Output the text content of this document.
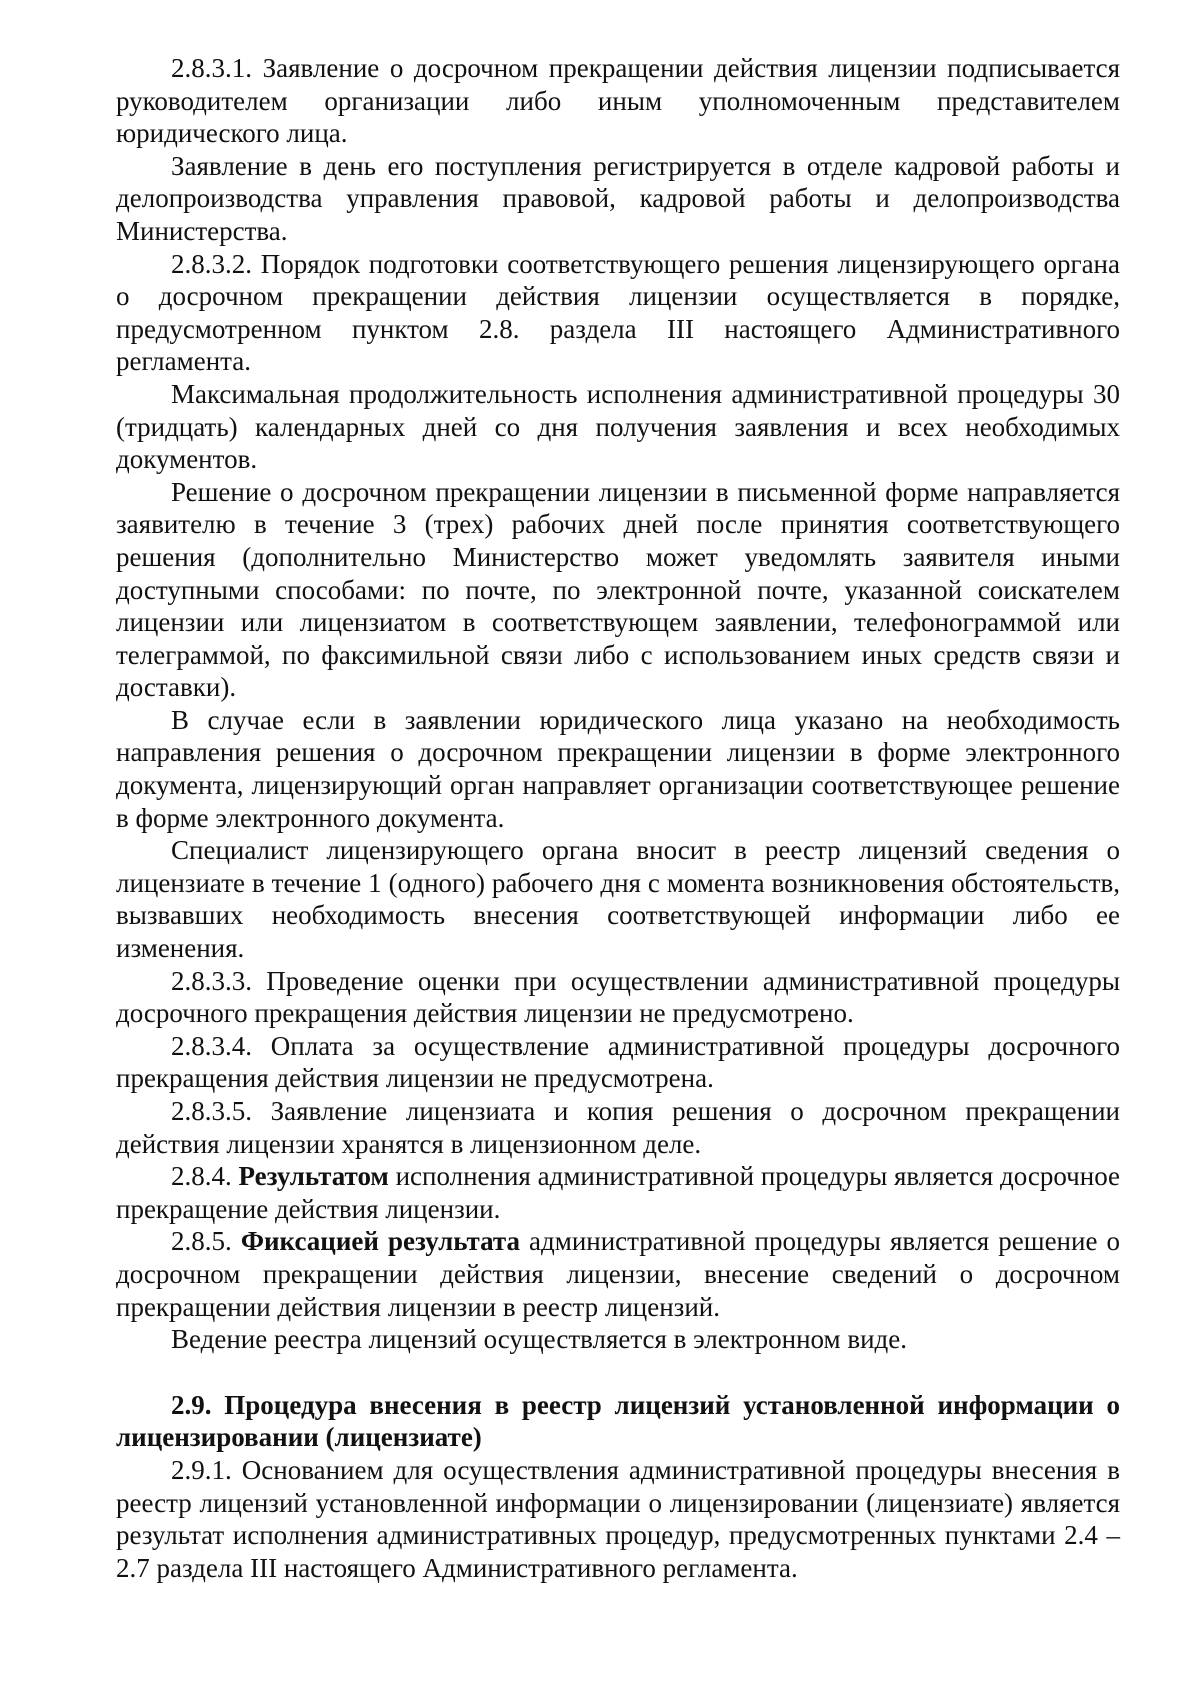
2.8.3.1. Заявление о досрочном прекращении действия лицензии подписывается руководителем организации либо иным уполномоченным представителем юридического лица.

Заявление в день его поступления регистрируется в отделе кадровой работы и делопроизводства управления правовой, кадровой работы и делопроизводства Министерства.

2.8.3.2. Порядок подготовки соответствующего решения лицензирующего органа о досрочном прекращении действия лицензии осуществляется в порядке, предусмотренном пунктом 2.8. раздела III настоящего Административного регламента.

Максимальная продолжительность исполнения административной процедуры 30 (тридцать) календарных дней со дня получения заявления и всех необходимых документов.

Решение о досрочном прекращении лицензии в письменной форме направляется заявителю в течение 3 (трех) рабочих дней после принятия соответствующего решения (дополнительно Министерство может уведомлять заявителя иными доступными способами: по почте, по электронной почте, указанной соискателем лицензии или лицензиатом в соответствующем заявлении, телефонограммой или телеграммой, по факсимильной связи либо с использованием иных средств связи и доставки).

В случае если в заявлении юридического лица указано на необходимость направления решения о досрочном прекращении лицензии в форме электронного документа, лицензирующий орган направляет организации соответствующее решение в форме электронного документа.

Специалист лицензирующего органа вносит в реестр лицензий сведения о лицензиате в течение 1 (одного) рабочего дня с момента возникновения обстоятельств, вызвавших необходимость внесения соответствующей информации либо ее изменения.

2.8.3.3. Проведение оценки при осуществлении административной процедуры досрочного прекращения действия лицензии не предусмотрено.

2.8.3.4. Оплата за осуществление административной процедуры досрочного прекращения действия лицензии не предусмотрена.

2.8.3.5. Заявление лицензиата и копия решения о досрочном прекращении действия лицензии хранятся в лицензионном деле.

2.8.4. Результатом исполнения административной процедуры является досрочное прекращение действия лицензии.

2.8.5. Фиксацией результата административной процедуры является решение о досрочном прекращении действия лицензии, внесение сведений о досрочном прекращении действия лицензии в реестр лицензий.

Ведение реестра лицензий осуществляется в электронном виде.

2.9. Процедура внесения в реестр лицензий установленной информации о лицензировании (лицензиате)

2.9.1. Основанием для осуществления административной процедуры внесения в реестр лицензий установленной информации о лицензировании (лицензиате) является результат исполнения административных процедур, предусмотренных пунктами 2.4 – 2.7 раздела III настоящего Административного регламента.
